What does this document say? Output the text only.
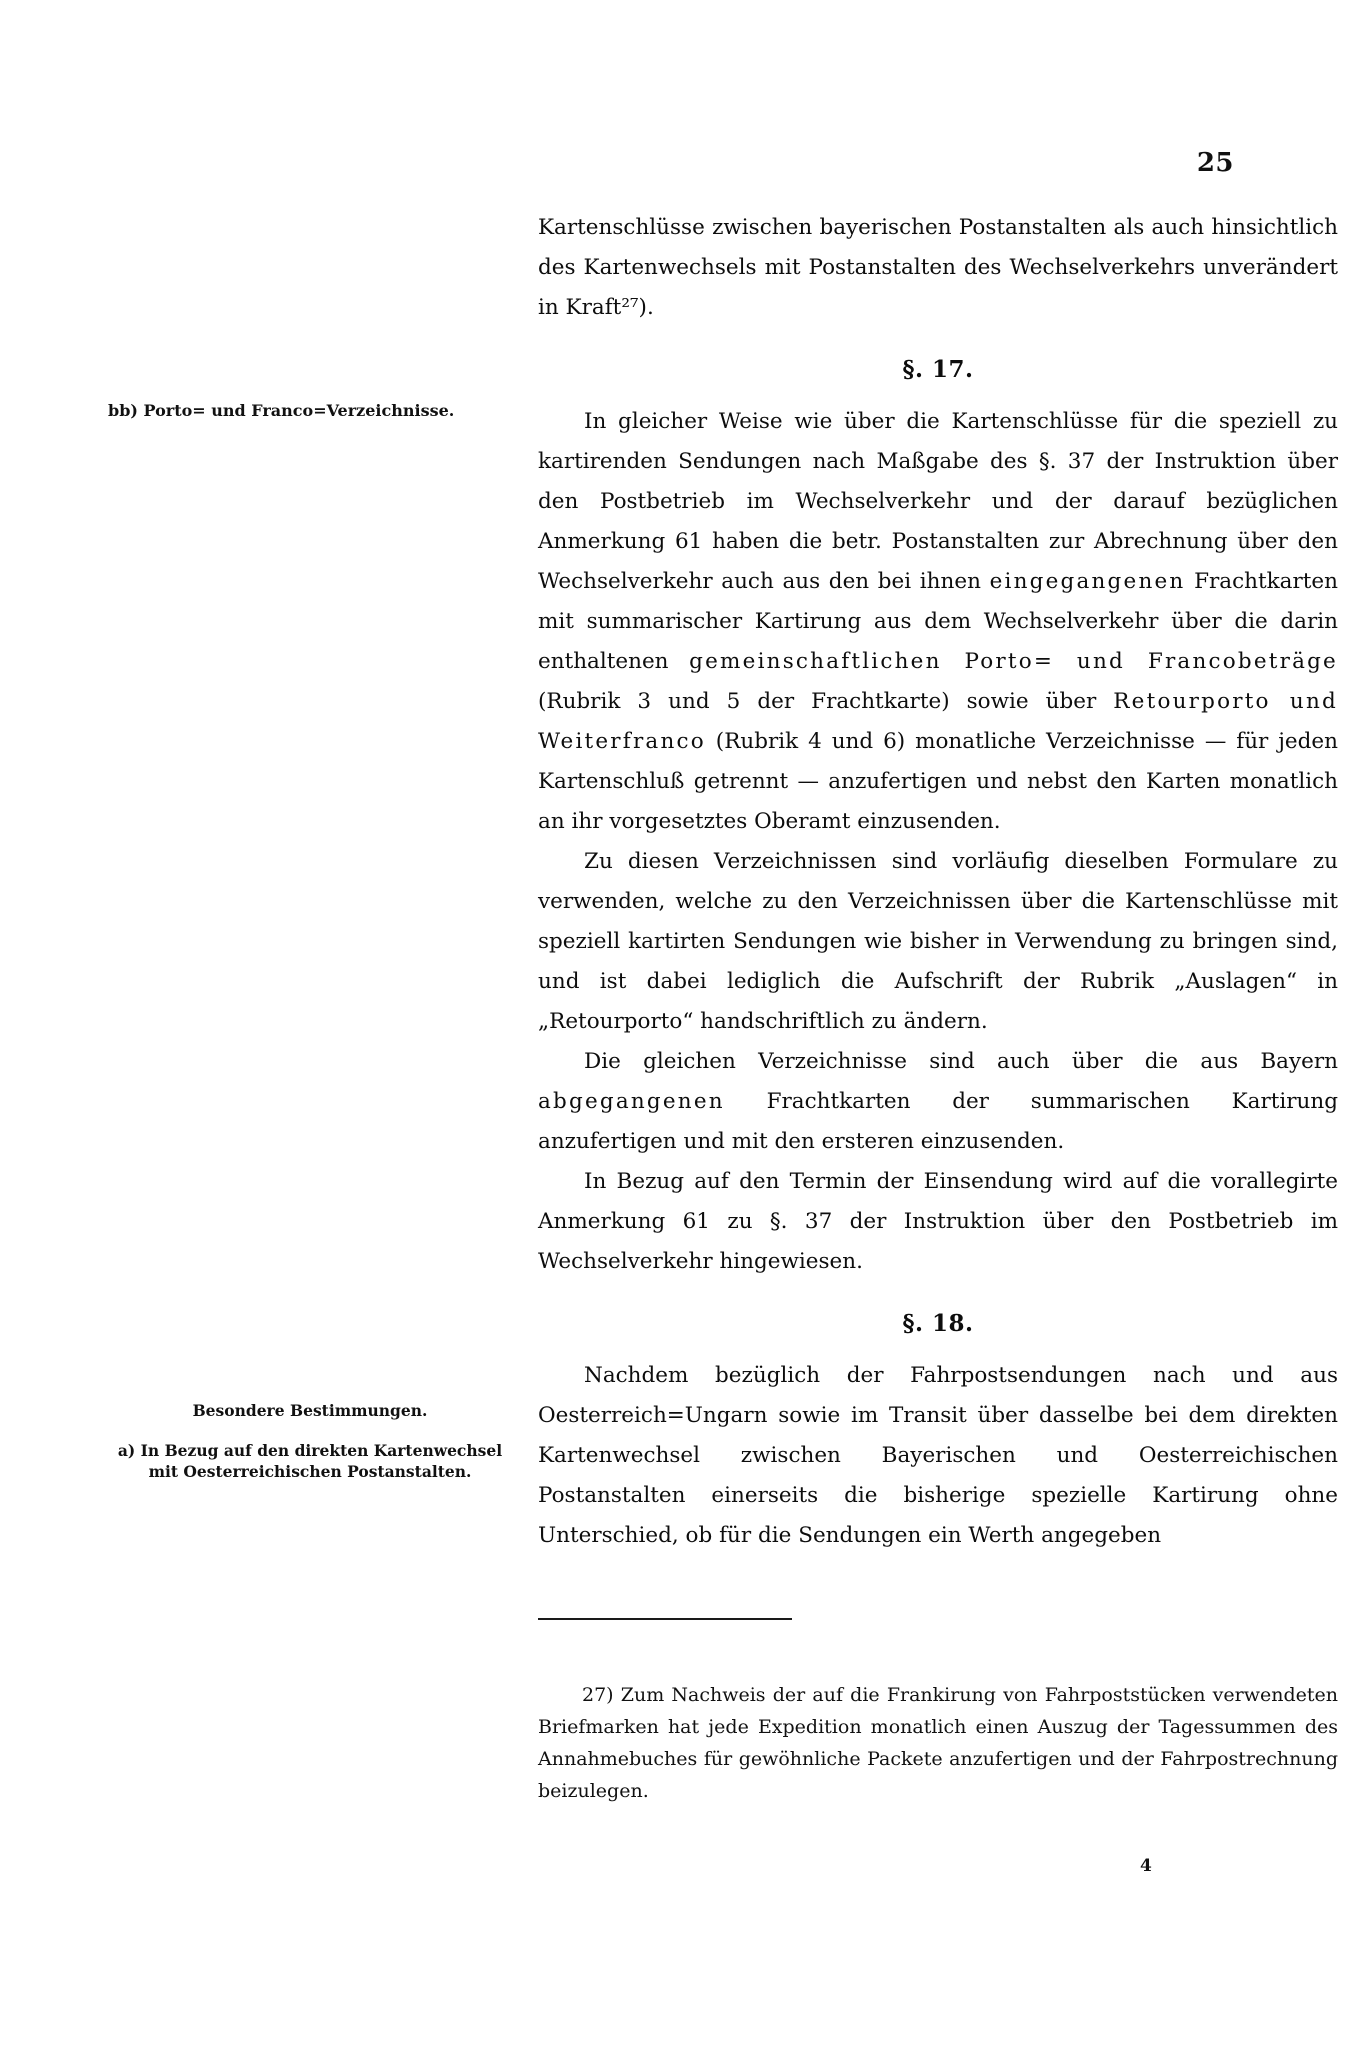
25
bb) Porto= und Franco=Verzeichnisse.
Besondere Bestimmungen.
a) In Bezug auf den direkten Kartenwechsel mit Oesterreichischen Postanstalten.

Kartenschlüsse zwischen bayerischen Postanstalten als auch hinsichtlich des Kartenwechsels mit Postanstalten des Wechselverkehrs unverändert in Kraft²⁷).

§. 17.

In gleicher Weise wie über die Kartenschlüsse für die speziell zu kartirenden Sendungen nach Maßgabe des §. 37 der Instruktion über den Postbetrieb im Wechselverkehr und der darauf bezüglichen Anmerkung 61 haben die betr. Postanstalten zur Abrechnung über den Wechselverkehr auch aus den bei ihnen eingegangenen Frachtkarten mit summarischer Kartirung aus dem Wechselverkehr über die darin enthaltenen gemeinschaftlichen Porto= und Francobeträge (Rubrik 3 und 5 der Frachtkarte) sowie über Retourporto und Weiterfranco (Rubrik 4 und 6) monatliche Verzeichnisse — für jeden Kartenschluß getrennt — anzufertigen und nebst den Karten monatlich an ihr vorgesetztes Oberamt einzusenden.

Zu diesen Verzeichnissen sind vorläufig dieselben Formulare zu verwenden, welche zu den Verzeichnissen über die Kartenschlüsse mit speziell kartirten Sendungen wie bisher in Verwendung zu bringen sind, und ist dabei lediglich die Aufschrift der Rubrik „Auslagen“ in „Retourporto“ handschriftlich zu ändern.

Die gleichen Verzeichnisse sind auch über die aus Bayern abgegangenen Frachtkarten der summarischen Kartirung anzufertigen und mit den ersteren einzusenden.

In Bezug auf den Termin der Einsendung wird auf die vorallegirte Anmerkung 61 zu §. 37 der Instruktion über den Postbetrieb im Wechselverkehr hingewiesen.

§. 18.

Nachdem bezüglich der Fahrpostsendungen nach und aus Oesterreich=Ungarn sowie im Transit über dasselbe bei dem direkten Kartenwechsel zwischen Bayerischen und Oesterreichischen Postanstalten einerseits die bisherige spezielle Kartirung ohne Unterschied, ob für die Sendungen ein Werth angegeben

27) Zum Nachweis der auf die Frankirung von Fahrpoststücken verwendeten Briefmarken hat jede Expedition monatlich einen Auszug der Tagessummen des Annahmebuches für gewöhnliche Packete anzufertigen und der Fahrpostrechnung beizulegen.

4
